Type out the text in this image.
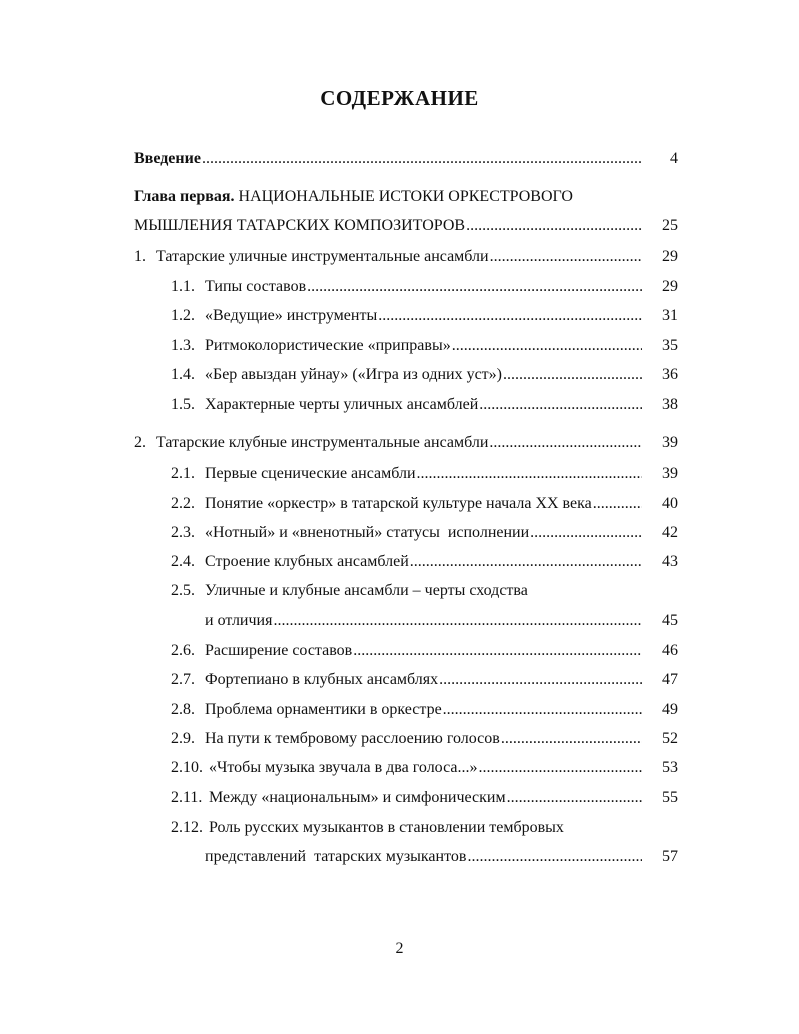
СОДЕРЖАНИЕ
Введение .....	4
Глава первая. НАЦИОНАЛЬНЫЕ ИСТОКИ ОРКЕСТРОВОГО
МЫШЛЕНИЯ ТАТАРСКИХ КОМПОЗИТОРОВ .....	25
1. Татарские уличные инструментальные ансамбли .....	29
1.1. Типы составов .....	29
1.2. «Ведущие» инструменты .....	31
1.3. Ритмоколористические «приправы» .....	35
1.4. «Бер авыздан уйнау» («Игра из одних уст») .....	36
1.5. Характерные черты уличных ансамблей .....	38
2. Татарские клубные инструментальные ансамбли .....	39
2.1. Первые сценические ансамбли .....	39
2.2. Понятие «оркестр» в татарской культуре начала XX века .....	40
2.3. «Нотный» и «вненотный» статусы  исполнении .....	42
2.4. Строение клубных ансамблей .....	43
2.5. Уличные и клубные ансамбли – черты сходства
и отличия .....	45
2.6. Расширение составов .....	46
2.7. Фортепиано в клубных ансамблях .....	47
2.8. Проблема орнаментики в оркестре .....	49
2.9. На пути к тембровому расслоению голосов .....	52
2.10. «Чтобы музыка звучала в два голоса...» .....	53
2.11. Между «национальным» и симфоническим .....	55
2.12. Роль русских музыкантов в становлении тембровых
представлений  татарских музыкантов .....	57
2
